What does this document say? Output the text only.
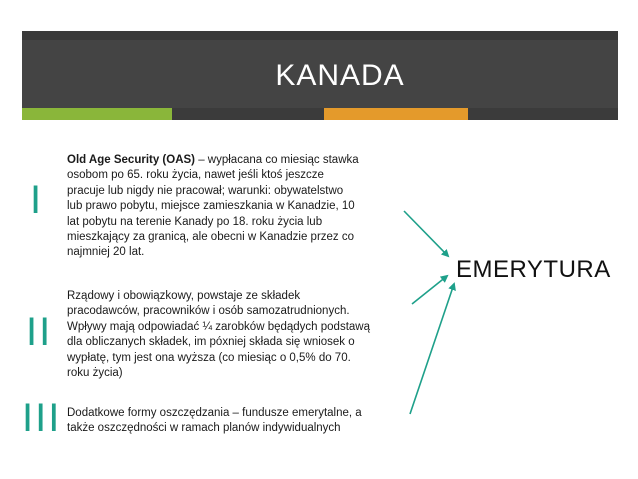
KANADA
I
II
III
Old Age Security (OAS) – wypłacana co miesiąc stawka
osobom po 65. roku życia, nawet jeśli ktoś jeszcze
pracuje lub nigdy nie pracował; warunki: obywatelstwo
lub prawo pobytu, miejsce zamieszkania w Kanadzie, 10
lat pobytu na terenie Kanady po 18. roku życia lub
mieszkający za granicą, ale obecni w Kanadzie przez co
najmniej 20 lat.
Rządowy i obowiązkowy, powstaje ze składek
pracodawców, pracowników i osób samozatrudnionych.
Wpływy mają odpowiadać ¼ zarobków będądych podstawą
dla obliczanych składek, im póxniej składa się wniosek o
wypłatę, tym jest ona wyższa (co miesiąc o 0,5% do 70.
roku życia)
Dodatkowe formy oszczędzania – fundusze emerytalne, a
także oszczędności w ramach planów indywidualnych
EMERYTURA
